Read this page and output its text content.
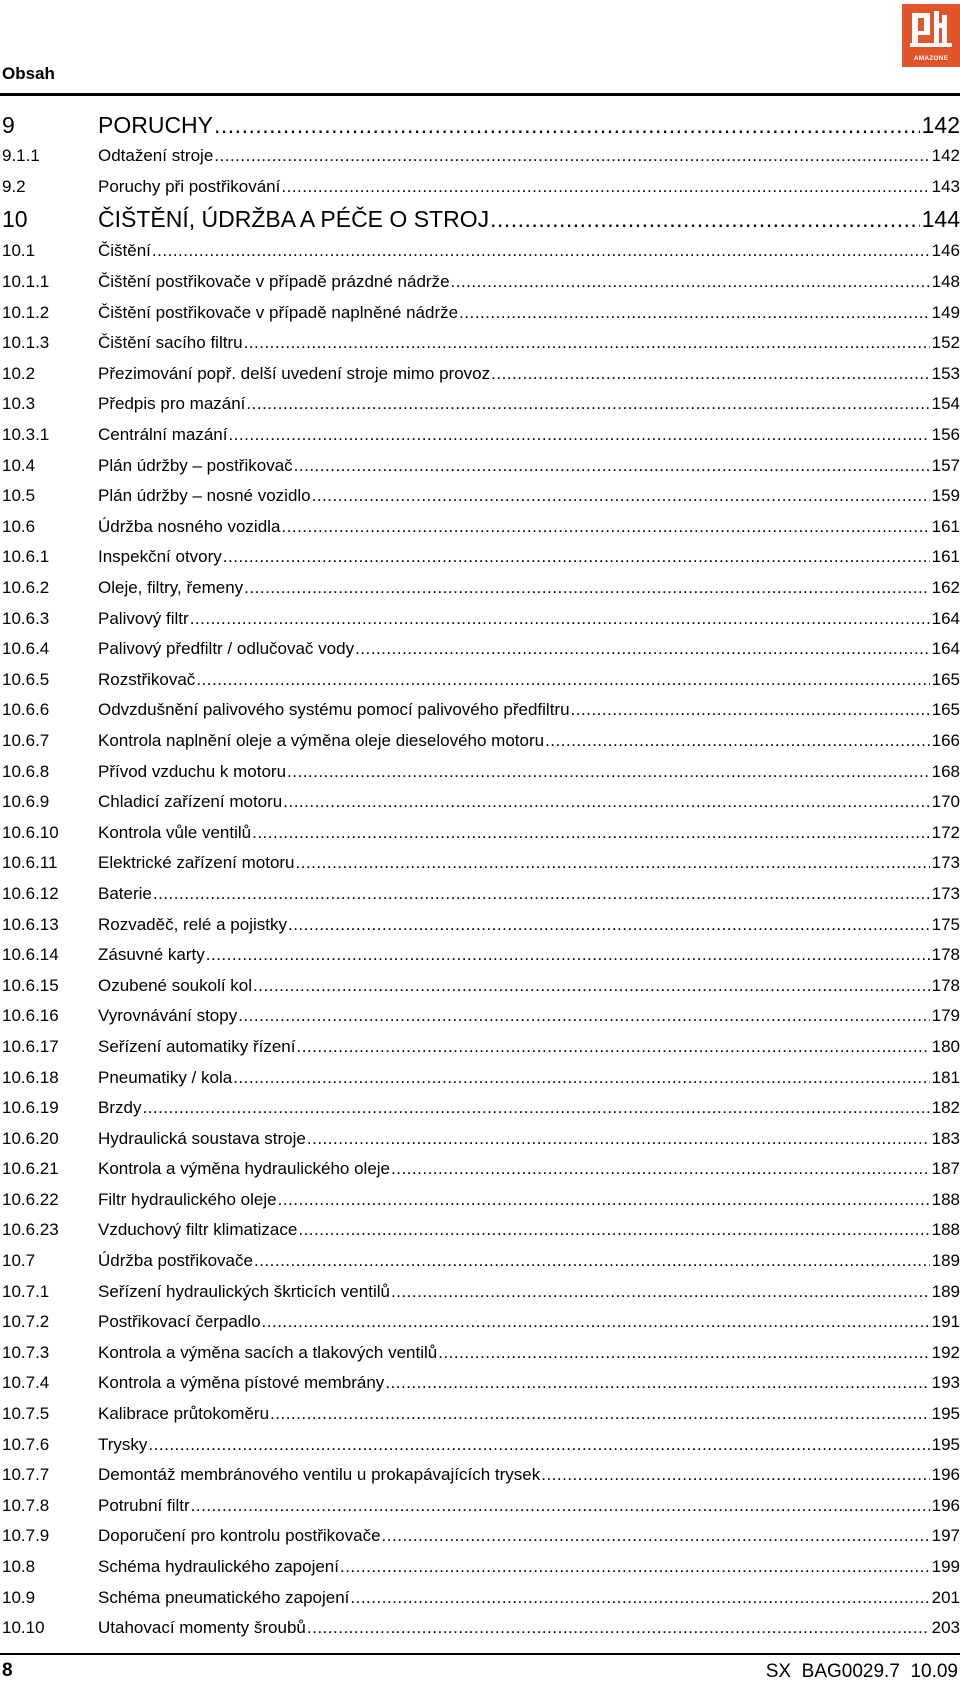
Obsah
AMAZONE
9	PORUCHY .....	142
9.1.1	Odtažení stroje .....	142
9.2	Poruchy při postřikování .....	143
10	ČIŠTĚNÍ, ÚDRŽBA A PÉČE O STROJ .....	144
10.1	Čištění .....	146
10.1.1	Čištění postřikovače v případě prázdné nádrže .....	148
10.1.2	Čištění postřikovače v případě naplněné nádrže .....	149
10.1.3	Čištění sacího filtru .....	152
10.2	Přezimování popř. delší uvedení stroje mimo provoz .....	153
10.3	Předpis pro mazání .....	154
10.3.1	Centrální mazání .....	156
10.4	Plán údržby – postřikovač .....	157
10.5	Plán údržby – nosné vozidlo .....	159
10.6	Údržba nosného vozidla .....	161
10.6.1	Inspekční otvory .....	161
10.6.2	Oleje, filtry, řemeny .....	162
10.6.3	Palivový filtr .....	164
10.6.4	Palivový předfiltr / odlučovač vody .....	164
10.6.5	Rozstřikovač .....	165
10.6.6	Odvzdušnění palivového systému pomocí palivového předfiltru .....	165
10.6.7	Kontrola naplnění oleje a výměna oleje dieselového motoru .....	166
10.6.8	Přívod vzduchu k motoru .....	168
10.6.9	Chladicí zařízení motoru .....	170
10.6.10 Kontrola vůle ventilů .....	172
10.6.11 Elektrické zařízení motoru .....	173
10.6.12 Baterie .....	173
10.6.13 Rozvaděč, relé a pojistky .....	175
10.6.14 Zásuvné karty .....	178
10.6.15 Ozubené soukolí kol .....	178
10.6.16 Vyrovnávání stopy .....	179
10.6.17 Seřízení automatiky řízení .....	180
10.6.18 Pneumatiky / kola .....	181
10.6.19 Brzdy .....	182
10.6.20 Hydraulická soustava stroje .....	183
10.6.21 Kontrola a výměna hydraulického oleje .....	187
10.6.22 Filtr hydraulického oleje .....	188
10.6.23 Vzduchový filtr klimatizace .....	188
10.7	Údržba postřikovače .....	189
10.7.1	Seřízení hydraulických škrticích ventilů .....	189
10.7.2	Postřikovací čerpadlo .....	191
10.7.3	Kontrola a výměna sacích a tlakových ventilů .....	192
10.7.4	Kontrola a výměna pístové membrány .....	193
10.7.5	Kalibrace průtokoměru .....	195
10.7.6	Trysky .....	195
10.7.7	Demontáž membránového ventilu u prokapávajících trysek .....	196
10.7.8	Potrubní filtr .....	196
10.7.9	Doporučení pro kontrolu postřikovače .....	197
10.8	Schéma hydraulického zapojení .....	199
10.9	Schéma pneumatického zapojení .....	201
10.10	Utahovací momenty šroubů .....	203
8	SX  BAG0029.7  10.09
